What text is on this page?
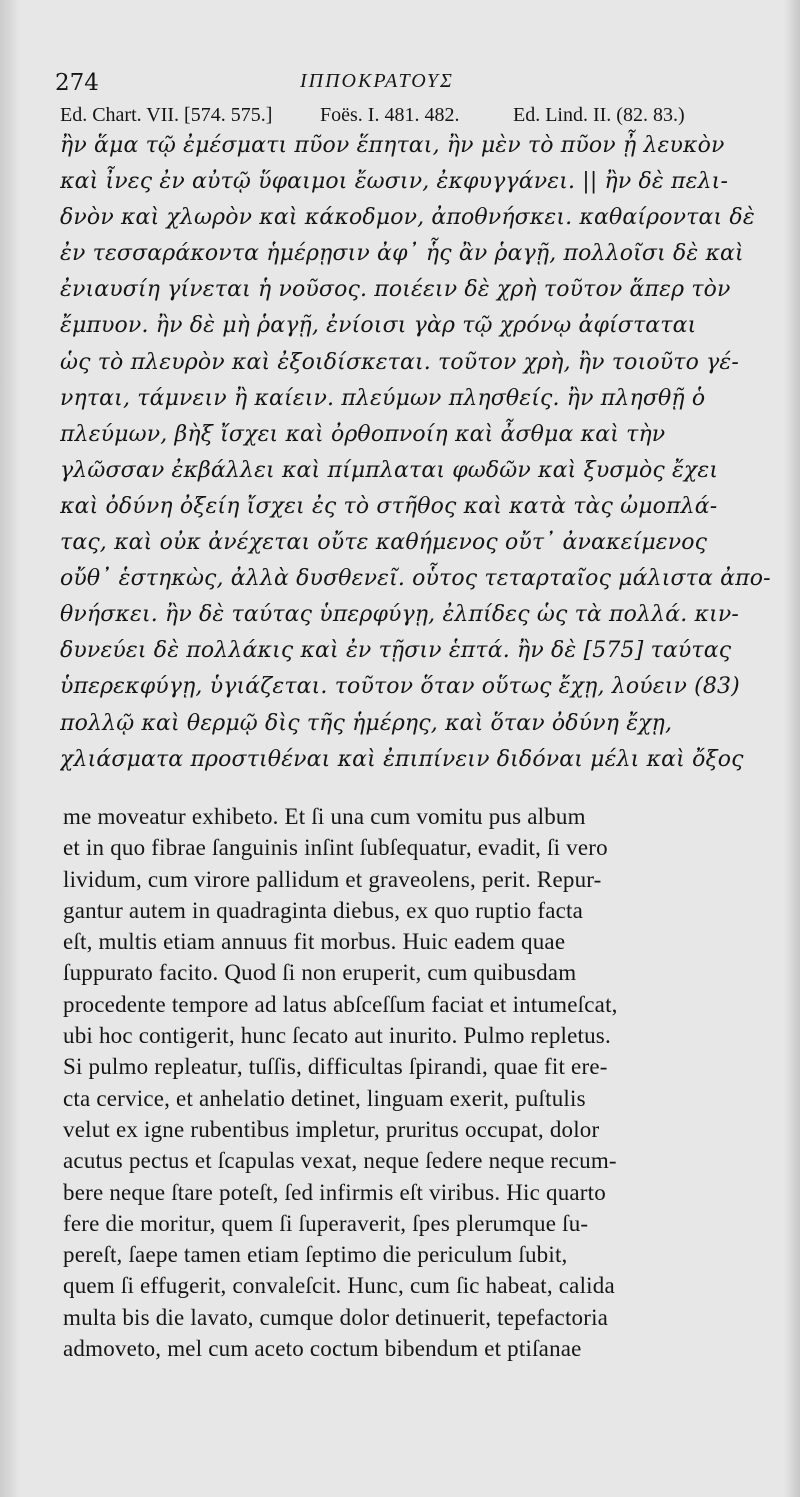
274	ΙΠΠΟΚΡΑΤΟΥΣ
Ed. Chart. VII. [574. 575.] Foës. I. 481. 482.	Ed. Lind. II. (82. 83.)
ἢν ἅμα τῷ ἐμέσματι πῦον ἕπηται, ἢν μὲν τὸ πῦον ᾖ λευκὸν
καὶ ἶνες ἐν αὐτῷ ὕφαιμοι ἔωσιν, ἐκφυγγάνει. || ἢν δὲ πελι-
δνὸν καὶ χλωρὸν καὶ κάκοδμον, ἀποθνήσκει. καθαίρονται δὲ
ἐν τεσσαράκοντα ἡμέρῃσιν ἀφ᾽ ἧς ἂν ῥαγῇ, πολλοῖσι δὲ καὶ
ἐνιαυσίη γίνεται ἡ νοῦσος. ποιέειν δὲ χρὴ τοῦτον ἅπερ τὸν
ἔμπυον. ἢν δὲ μὴ ῥαγῇ, ἐνίοισι γὰρ τῷ χρόνῳ ἀφίσταται
ὡς τὸ πλευρὸν καὶ ἐξοιδίσκεται. τοῦτον χρὴ, ἢν τοιοῦτο γέ-
νηται, τάμνειν ἢ καίειν. πλεύμων πλησθείς. ἢν πλησθῇ ὁ
πλεύμων, βὴξ ἴσχει καὶ ὀρθοπνοίη καὶ ἆσθμα καὶ τὴν
γλῶσσαν ἐκβάλλει καὶ πίμπλαται φωδῶν καὶ ξυσμὸς ἔχει
καὶ ὀδύνη ὀξείη ἴσχει ἐς τὸ στῆθος καὶ κατὰ τὰς ὠμοπλά-
τας, καὶ οὐκ ἀνέχεται οὔτε καθήμενος οὔτ᾽ ἀνακείμενος
οὔθ᾽ ἑστηκὼς, ἀλλὰ δυσθενεῖ. οὗτος τεταρταῖος μάλιστα ἀπο-
θνήσκει. ἢν δὲ ταύτας ὑπερφύγῃ, ἐλπίδες ὡς τὰ πολλά. κιν-
δυνεύει δὲ πολλάκις καὶ ἐν τῇσιν ἑπτά. ἢν δὲ [575] ταύτας
ὑπερεκφύγῃ, ὑγιάζεται. τοῦτον ὅταν οὕτως ἔχῃ, λούειν (83)
πολλῷ καὶ θερμῷ δὶς τῆς ἡμέρης, καὶ ὅταν ὀδύνη ἔχῃ,
χλιάσματα προστιθέναι καὶ ἐπιπίνειν διδόναι μέλι καὶ ὄξος
me moveatur exhibeto. Et ſi una cum vomitu pus album
et in quo fibrae ſanguinis inſint ſubſequatur, evadit, ſi vero
lividum, cum virore pallidum et graveolens, perit. Repur-
gantur autem in quadraginta diebus, ex quo ruptio facta
eſt, multis etiam annuus fit morbus. Huic eadem quae
ſuppurato facito. Quod ſi non eruperit, cum quibusdam
procedente tempore ad latus abſceſſum faciat et intumeſcat,
ubi hoc contigerit, hunc ſecato aut inurito. Pulmo repletus.
Si pulmo repleatur, tuſſis, difficultas ſpirandi, quae fit ere-
cta cervice, et anhelatio detinet, linguam exerit, puſtulis
velut ex igne rubentibus impletur, pruritus occupat, dolor
acutus pectus et ſcapulas vexat, neque ſedere neque recum-
bere neque ſtare poteſt, ſed infirmis eſt viribus. Hic quarto
fere die moritur, quem ſi ſuperaverit, ſpes plerumque ſu-
pereſt, ſaepe tamen etiam ſeptimo die periculum ſubit,
quem ſi effugerit, convaleſcit. Hunc, cum ſic habeat, calida
multa bis die lavato, cumque dolor detinuerit, tepefactoria
admoveto, mel cum aceto coctum bibendum et ptiſanae
